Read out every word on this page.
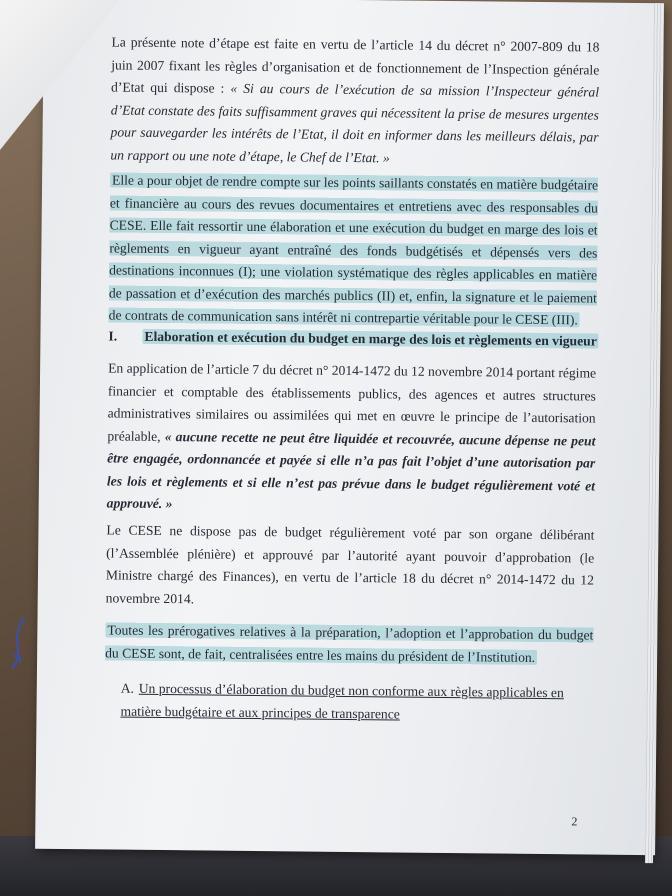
La présente note d’étape est faite en vertu de l’article 14 du décret n° 2007-809 du 18 juin 2007 fixant les règles d’organisation et de fonctionnement de l’Inspection générale d’Etat qui dispose : « Si au cours de l’exécution de sa mission l’Inspecteur général d’Etat constate des faits suffisamment graves qui nécessitent la prise de mesures urgentes pour sauvegarder les intérêts de l’Etat, il doit en informer dans les meilleurs délais, par un rapport ou une note d’étape, le Chef de l’Etat. »

Elle a pour objet de rendre compte sur les points saillants constatés en matière budgétaire et financière au cours des revues documentaires et entretiens avec des responsables du CESE. Elle fait ressortir une élaboration et une exécution du budget en marge des lois et règlements en vigueur ayant entraîné des fonds budgétisés et dépensés vers des destinations inconnues (I); une violation systématique des règles applicables en matière de passation et d’exécution des marchés publics (II) et, enfin, la signature et le paiement de contrats de communication sans intérêt ni contrepartie véritable pour le CESE (III).

I. Elaboration et exécution du budget en marge des lois et règlements en vigueur

En application de l’article 7 du décret n° 2014-1472 du 12 novembre 2014 portant régime financier et comptable des établissements publics, des agences et autres structures administratives similaires ou assimilées qui met en œuvre le principe de l’autorisation préalable, « aucune recette ne peut être liquidée et recouvrée, aucune dépense ne peut être engagée, ordonnancée et payée si elle n’a pas fait l’objet d’une autorisation par les lois et règlements et si elle n’est pas prévue dans le budget régulièrement voté et approuvé. »

Le CESE ne dispose pas de budget régulièrement voté par son organe délibérant (l’Assemblée plénière) et approuvé par l’autorité ayant pouvoir d’approbation (le Ministre chargé des Finances), en vertu de l’article 18 du décret n° 2014-1472 du 12 novembre 2014.

Toutes les prérogatives relatives à la préparation, l’adoption et l’approbation du budget du CESE sont, de fait, centralisées entre les mains du président de l’Institution.

A. Un processus d’élaboration du budget non conforme aux règles applicables en matière budgétaire et aux principes de transparence
2
